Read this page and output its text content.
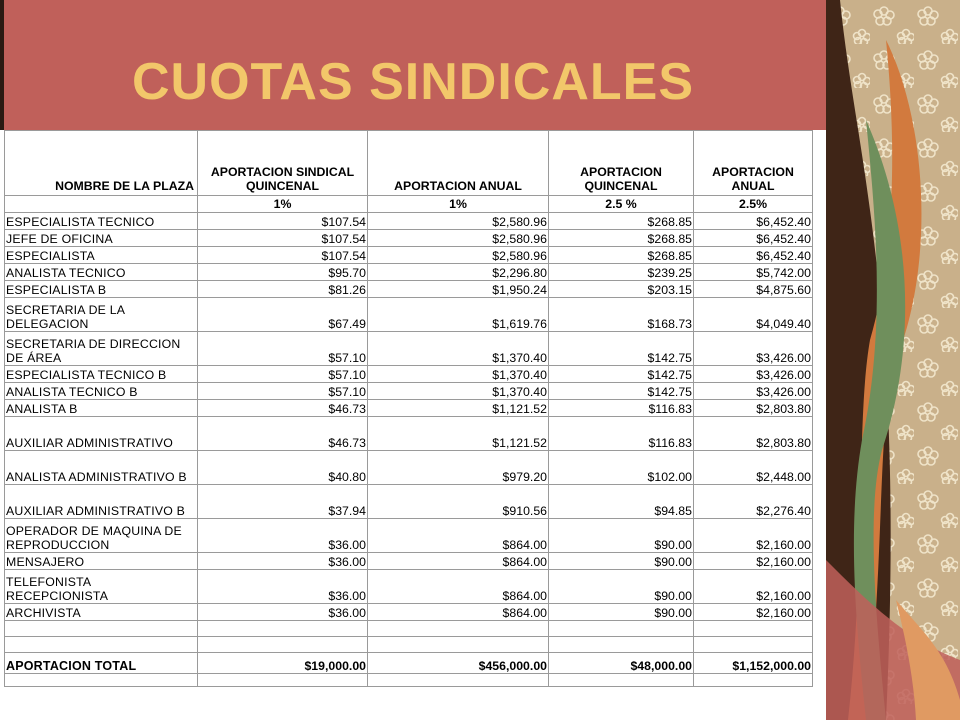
CUOTAS SINDICALES
NOMBRE DE LA PLAZA	APORTACION SINDICAL QUINCENAL	APORTACION ANUAL	APORTACION QUINCENAL	APORTACION ANUAL
	1%	1%	2.5 %	2.5%
ESPECIALISTA TECNICO	$107.54	$2,580.96	$268.85	$6,452.40
JEFE DE OFICINA	$107.54	$2,580.96	$268.85	$6,452.40
ESPECIALISTA	$107.54	$2,580.96	$268.85	$6,452.40
ANALISTA TECNICO	$95.70	$2,296.80	$239.25	$5,742.00
ESPECIALISTA B	$81.26	$1,950.24	$203.15	$4,875.60
SECRETARIA DE LA DELEGACION	$67.49	$1,619.76	$168.73	$4,049.40
SECRETARIA DE DIRECCION DE ÁREA	$57.10	$1,370.40	$142.75	$3,426.00
ESPECIALISTA TECNICO B	$57.10	$1,370.40	$142.75	$3,426.00
ANALISTA TECNICO B	$57.10	$1,370.40	$142.75	$3,426.00
ANALISTA B	$46.73	$1,121.52	$116.83	$2,803.80
AUXILIAR ADMINISTRATIVO	$46.73	$1,121.52	$116.83	$2,803.80
ANALISTA ADMINISTRATIVO B	$40.80	$979.20	$102.00	$2,448.00
AUXILIAR ADMINISTRATIVO B	$37.94	$910.56	$94.85	$2,276.40
OPERADOR DE MAQUINA DE REPRODUCCION	$36.00	$864.00	$90.00	$2,160.00
MENSAJERO	$36.00	$864.00	$90.00	$2,160.00
TELEFONISTA RECEPCIONISTA	$36.00	$864.00	$90.00	$2,160.00
ARCHIVISTA	$36.00	$864.00	$90.00	$2,160.00

APORTACION TOTAL	$19,000.00	$456,000.00	$48,000.00	$1,152,000.00
